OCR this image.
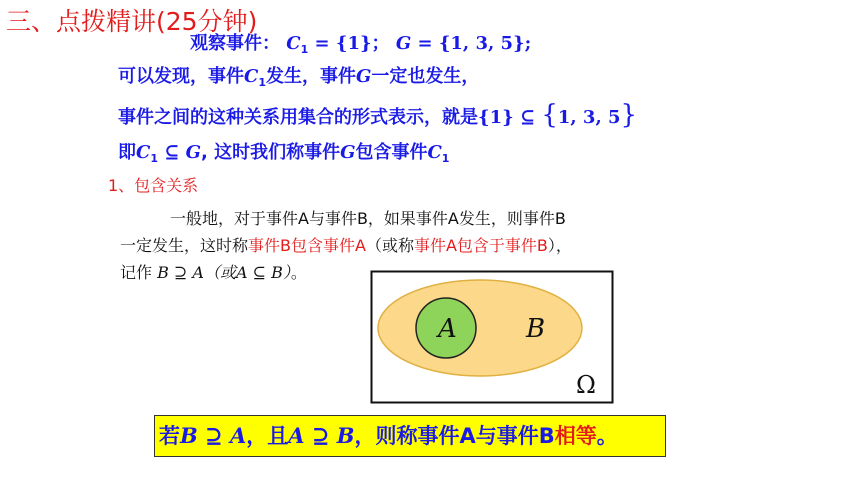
三、点拨精讲(25分钟)
观察事件： $C_1 = \{1\}$； G = {1, 3, 5};
可以发现，事件$C_1$发生，事件G一定也发生，
事件之间的这种关系用集合的形式表示，就是{1} ⊆ {1, 3, 5}
即$C_1$ ⊆ G, 这时我们称事件G包含事件$C_1$
1、包含关系
一般地，对于事件A与事件B，如果事件A发生，则事件B
一定发生，这时称事件B包含事件A（或称事件A包含于事件B），
记作 B ⊇ A（或A ⊆ B）。
A	B
Ω
若B ⊇ A，且A ⊇ B，则称事件A与事件B相等。
